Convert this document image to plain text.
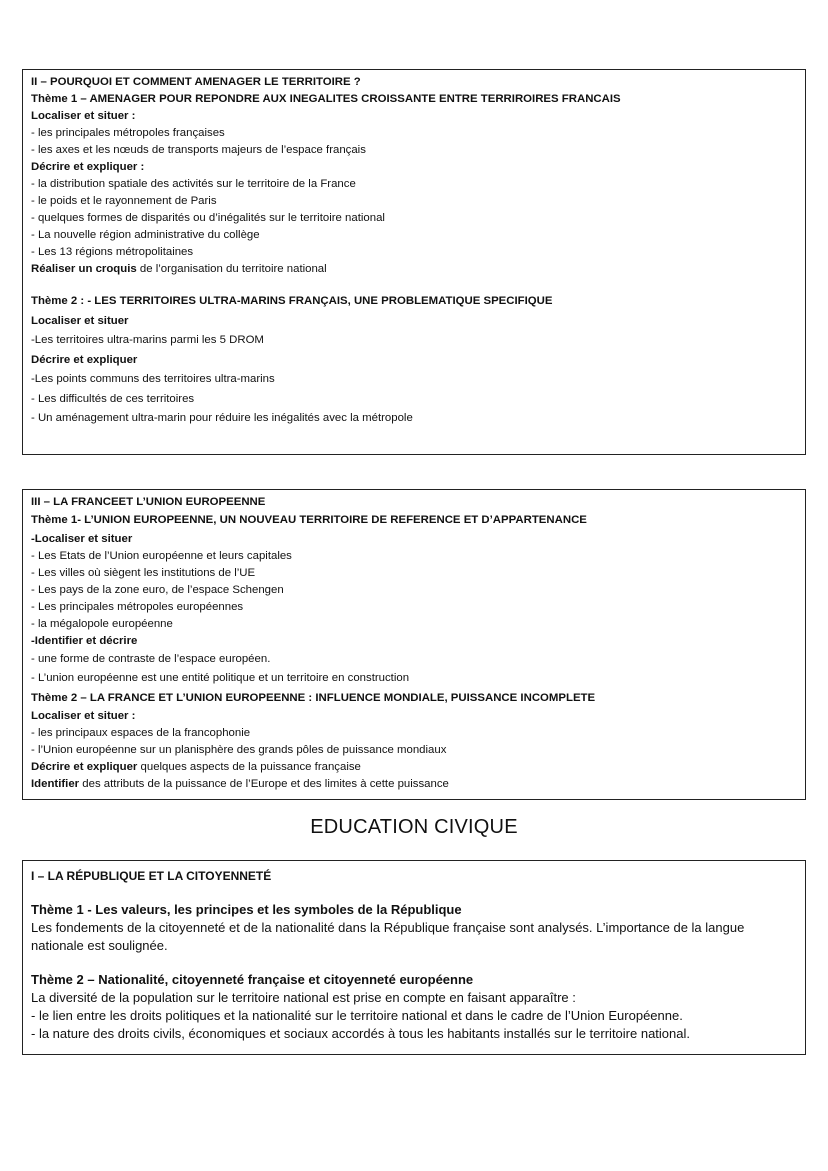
II – POURQUOI ET COMMENT AMENAGER LE TERRITOIRE ?
Thème 1 – AMENAGER POUR REPONDRE AUX INEGALITES CROISSANTE ENTRE TERRIROIRES FRANCAIS
Localiser et situer :
- les principales métropoles françaises
- les axes et les nœuds de transports majeurs de l’espace français
Décrire et expliquer :
- la distribution spatiale des activités sur le territoire de la France
- le poids et le rayonnement de Paris
- quelques formes de disparités ou d’inégalités sur le territoire national
- La nouvelle région administrative du collège
- Les 13 régions métropolitaines
Réaliser un croquis de l’organisation du territoire national
Thème 2 : - LES TERRITOIRES ULTRA-MARINS FRANÇAIS, UNE PROBLEMATIQUE SPECIFIQUE
Localiser et situer
-Les territoires ultra-marins parmi les 5 DROM
Décrire et expliquer
-Les points communs des territoires ultra-marins
- Les difficultés de ces territoires
- Un aménagement ultra-marin pour réduire les inégalités avec la métropole
III – LA FRANCEET L’UNION EUROPEENNE
Thème 1- L’UNION EUROPEENNE, UN NOUVEAU TERRITOIRE DE REFERENCE ET D’APPARTENANCE
-Localiser et situer
- Les Etats de l’Union européenne et leurs capitales
- Les villes où siègent les institutions de l’UE
- Les pays de la zone euro, de l’espace Schengen
- Les principales métropoles européennes
- la mégalopole européenne
-Identifier et décrire
- une forme de contraste de l’espace européen.
- L’union européenne est une entité politique et un territoire en construction
Thème 2 – LA FRANCE ET L’UNION EUROPEENNE : INFLUENCE MONDIALE, PUISSANCE INCOMPLETE
Localiser et situer :
- les principaux espaces de la francophonie
- l’Union européenne sur un planisphère des grands pôles de puissance mondiaux
Décrire et expliquer quelques aspects de la puissance française
Identifier des attributs de la puissance de l’Europe et des limites à cette puissance
EDUCATION CIVIQUE
I – LA RÉPUBLIQUE ET LA CITOYENNETÉ
Thème 1 - Les valeurs, les principes et les symboles de la République
Les fondements de la citoyenneté et de la nationalité dans la République française sont analysés. L’importance de la langue
nationale est soulignée.
Thème 2 – Nationalité, citoyenneté française et citoyenneté européenne
La diversité de la population sur le territoire national est prise en compte en faisant apparaître :
- le lien entre les droits politiques et la nationalité sur le territoire national et dans le cadre de l’Union Européenne.
- la nature des droits civils, économiques et sociaux accordés à tous les habitants installés sur le territoire national.
